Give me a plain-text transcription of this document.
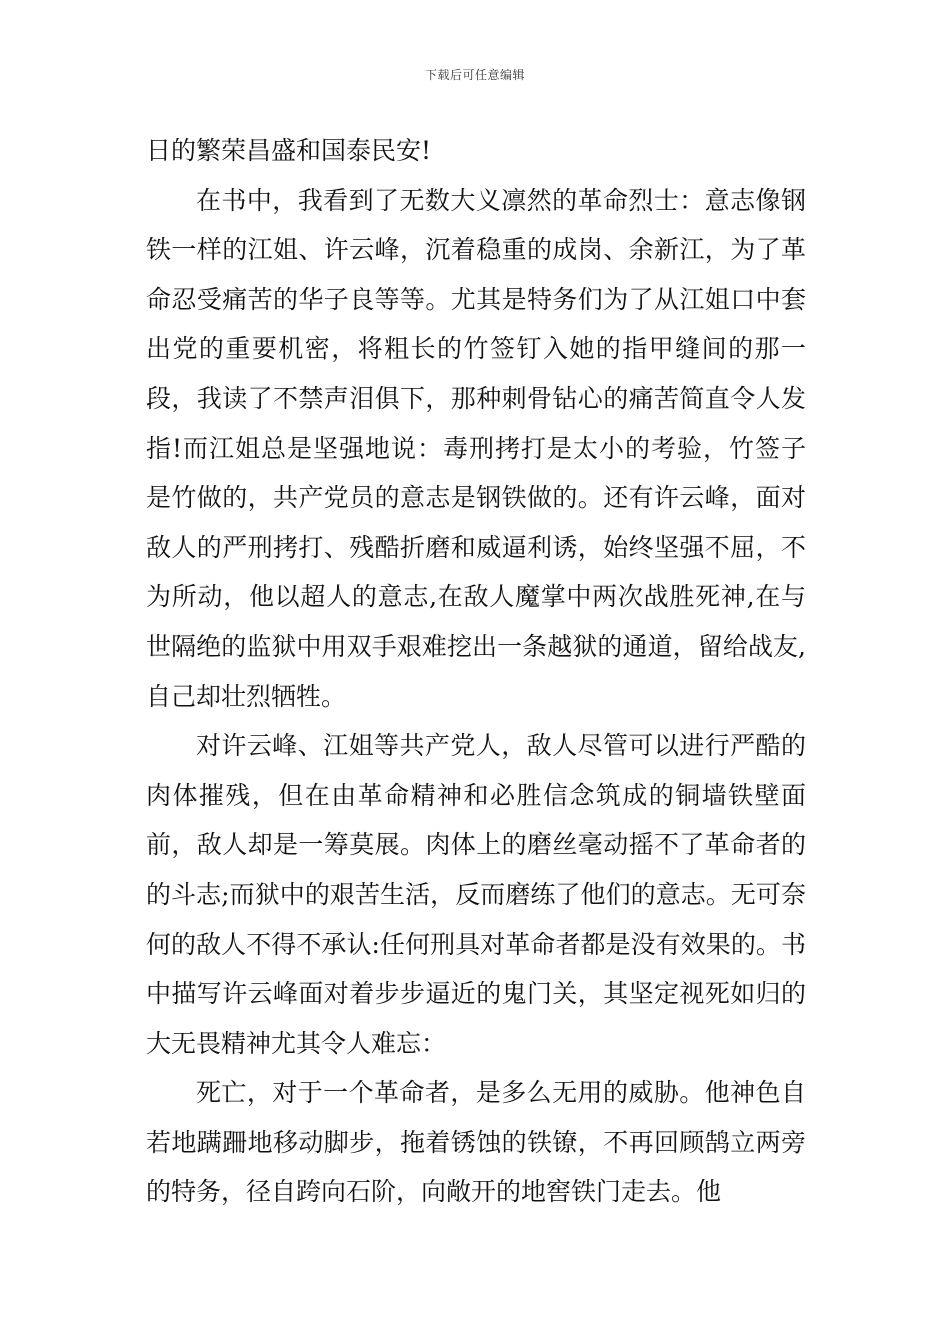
下载后可任意编辑

日的繁荣昌盛和国泰民安!

在书中，我看到了无数大义凛然的革命烈士：意志像钢铁一样的江姐、许云峰，沉着稳重的成岗、余新江，为了革命忍受痛苦的华子良等等。尤其是特务们为了从江姐口中套出党的重要机密，将粗长的竹签钉入她的指甲缝间的那一段，我读了不禁声泪俱下，那种刺骨钻心的痛苦简直令人发指!而江姐总是坚强地说：毒刑拷打是太小的考验，竹签子是竹做的，共产党员的意志是钢铁做的。还有许云峰，面对敌人的严刑拷打、残酷折磨和威逼利诱，始终坚强不屈，不为所动，他以超人的意志,在敌人魔掌中两次战胜死神,在与世隔绝的监狱中用双手艰难挖出一条越狱的通道，留给战友,自己却壮烈牺牲。

对许云峰、江姐等共产党人，敌人尽管可以进行严酷的肉体摧残，但在由革命精神和必胜信念筑成的铜墙铁壁面前，敌人却是一筹莫展。肉体上的磨丝毫动摇不了革命者的的斗志;而狱中的艰苦生活，反而磨练了他们的意志。无可奈何的敌人不得不承认:任何刑具对革命者都是没有效果的。书中描写许云峰面对着步步逼近的鬼门关，其坚定视死如归的大无畏精神尤其令人难忘：

死亡，对于一个革命者，是多么无用的威胁。他神色自若地蹒跚地移动脚步，拖着锈蚀的铁镣，不再回顾鹄立两旁的特务，径自跨向石阶，向敞开的地窖铁门走去。他
